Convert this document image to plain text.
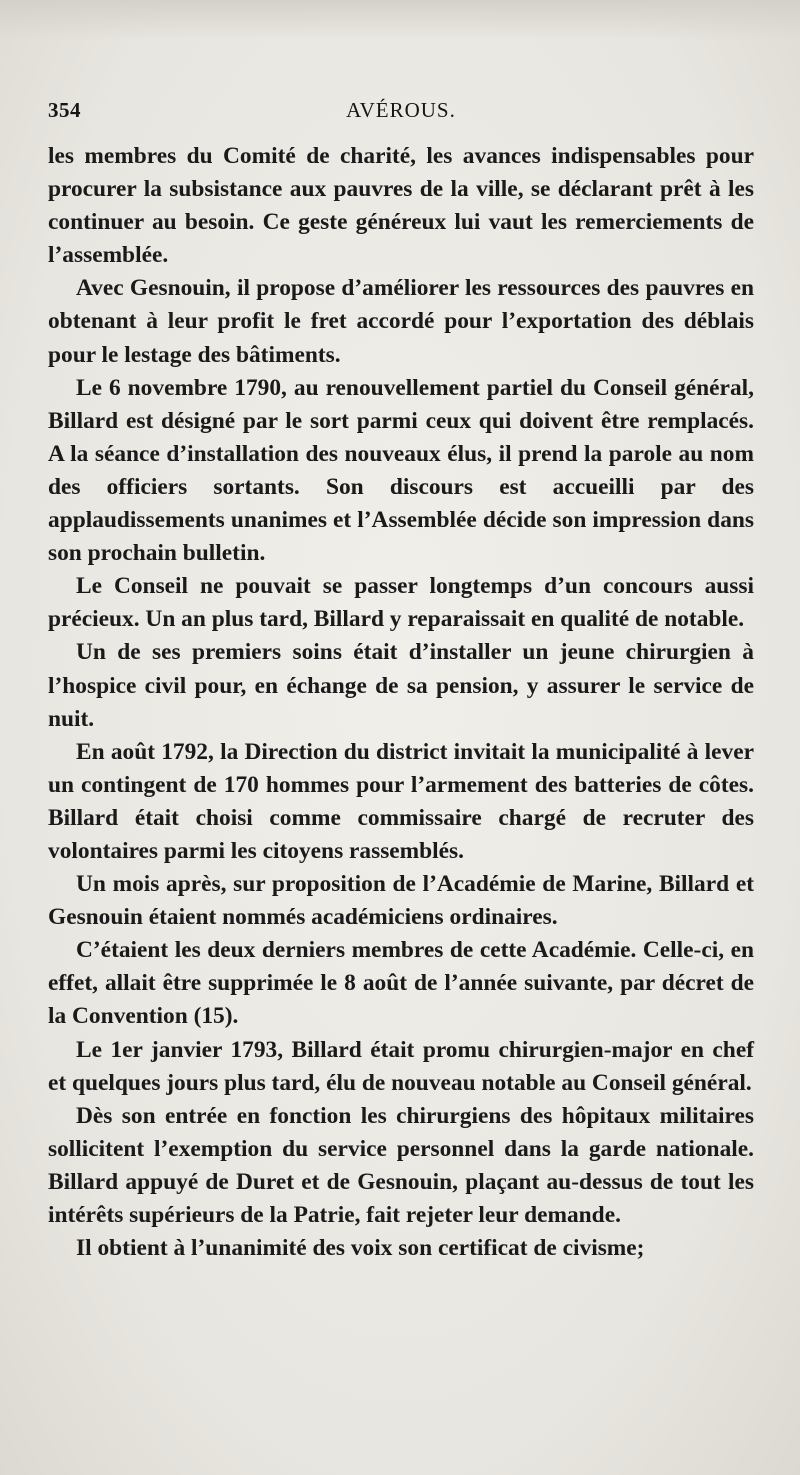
354	AVÉROUS.

les membres du Comité de charité, les avances indispensables pour procurer la subsistance aux pauvres de la ville, se déclarant prêt à les continuer au besoin. Ce geste généreux lui vaut les remerciements de l’assemblée.

Avec Gesnouin, il propose d’améliorer les ressources des pauvres en obtenant à leur profit le fret accordé pour l’exportation des déblais pour le lestage des bâtiments.

Le 6 novembre 1790, au renouvellement partiel du Conseil général, Billard est désigné par le sort parmi ceux qui doivent être remplacés. A la séance d’installation des nouveaux élus, il prend la parole au nom des officiers sortants. Son discours est accueilli par des applaudissements unanimes et l’Assemblée décide son impression dans son prochain bulletin.

Le Conseil ne pouvait se passer longtemps d’un concours aussi précieux. Un an plus tard, Billard y reparaissait en qualité de notable.

Un de ses premiers soins était d’installer un jeune chirurgien à l’hospice civil pour, en échange de sa pension, y assurer le service de nuit.

En août 1792, la Direction du district invitait la municipalité à lever un contingent de 170 hommes pour l’armement des batteries de côtes. Billard était choisi comme commissaire chargé de recruter des volontaires parmi les citoyens rassemblés.

Un mois après, sur proposition de l’Académie de Marine, Billard et Gesnouin étaient nommés académiciens ordinaires.

C’étaient les deux derniers membres de cette Académie. Celle-ci, en effet, allait être supprimée le 8 août de l’année suivante, par décret de la Convention (15).

Le 1er janvier 1793, Billard était promu chirurgien-major en chef et quelques jours plus tard, élu de nouveau notable au Conseil général.

Dès son entrée en fonction les chirurgiens des hôpitaux militaires sollicitent l’exemption du service personnel dans la garde nationale. Billard appuyé de Duret et de Gesnouin, plaçant au-dessus de tout les intérêts supérieurs de la Patrie, fait rejeter leur demande.

Il obtient à l’unanimité des voix son certificat de civisme;
